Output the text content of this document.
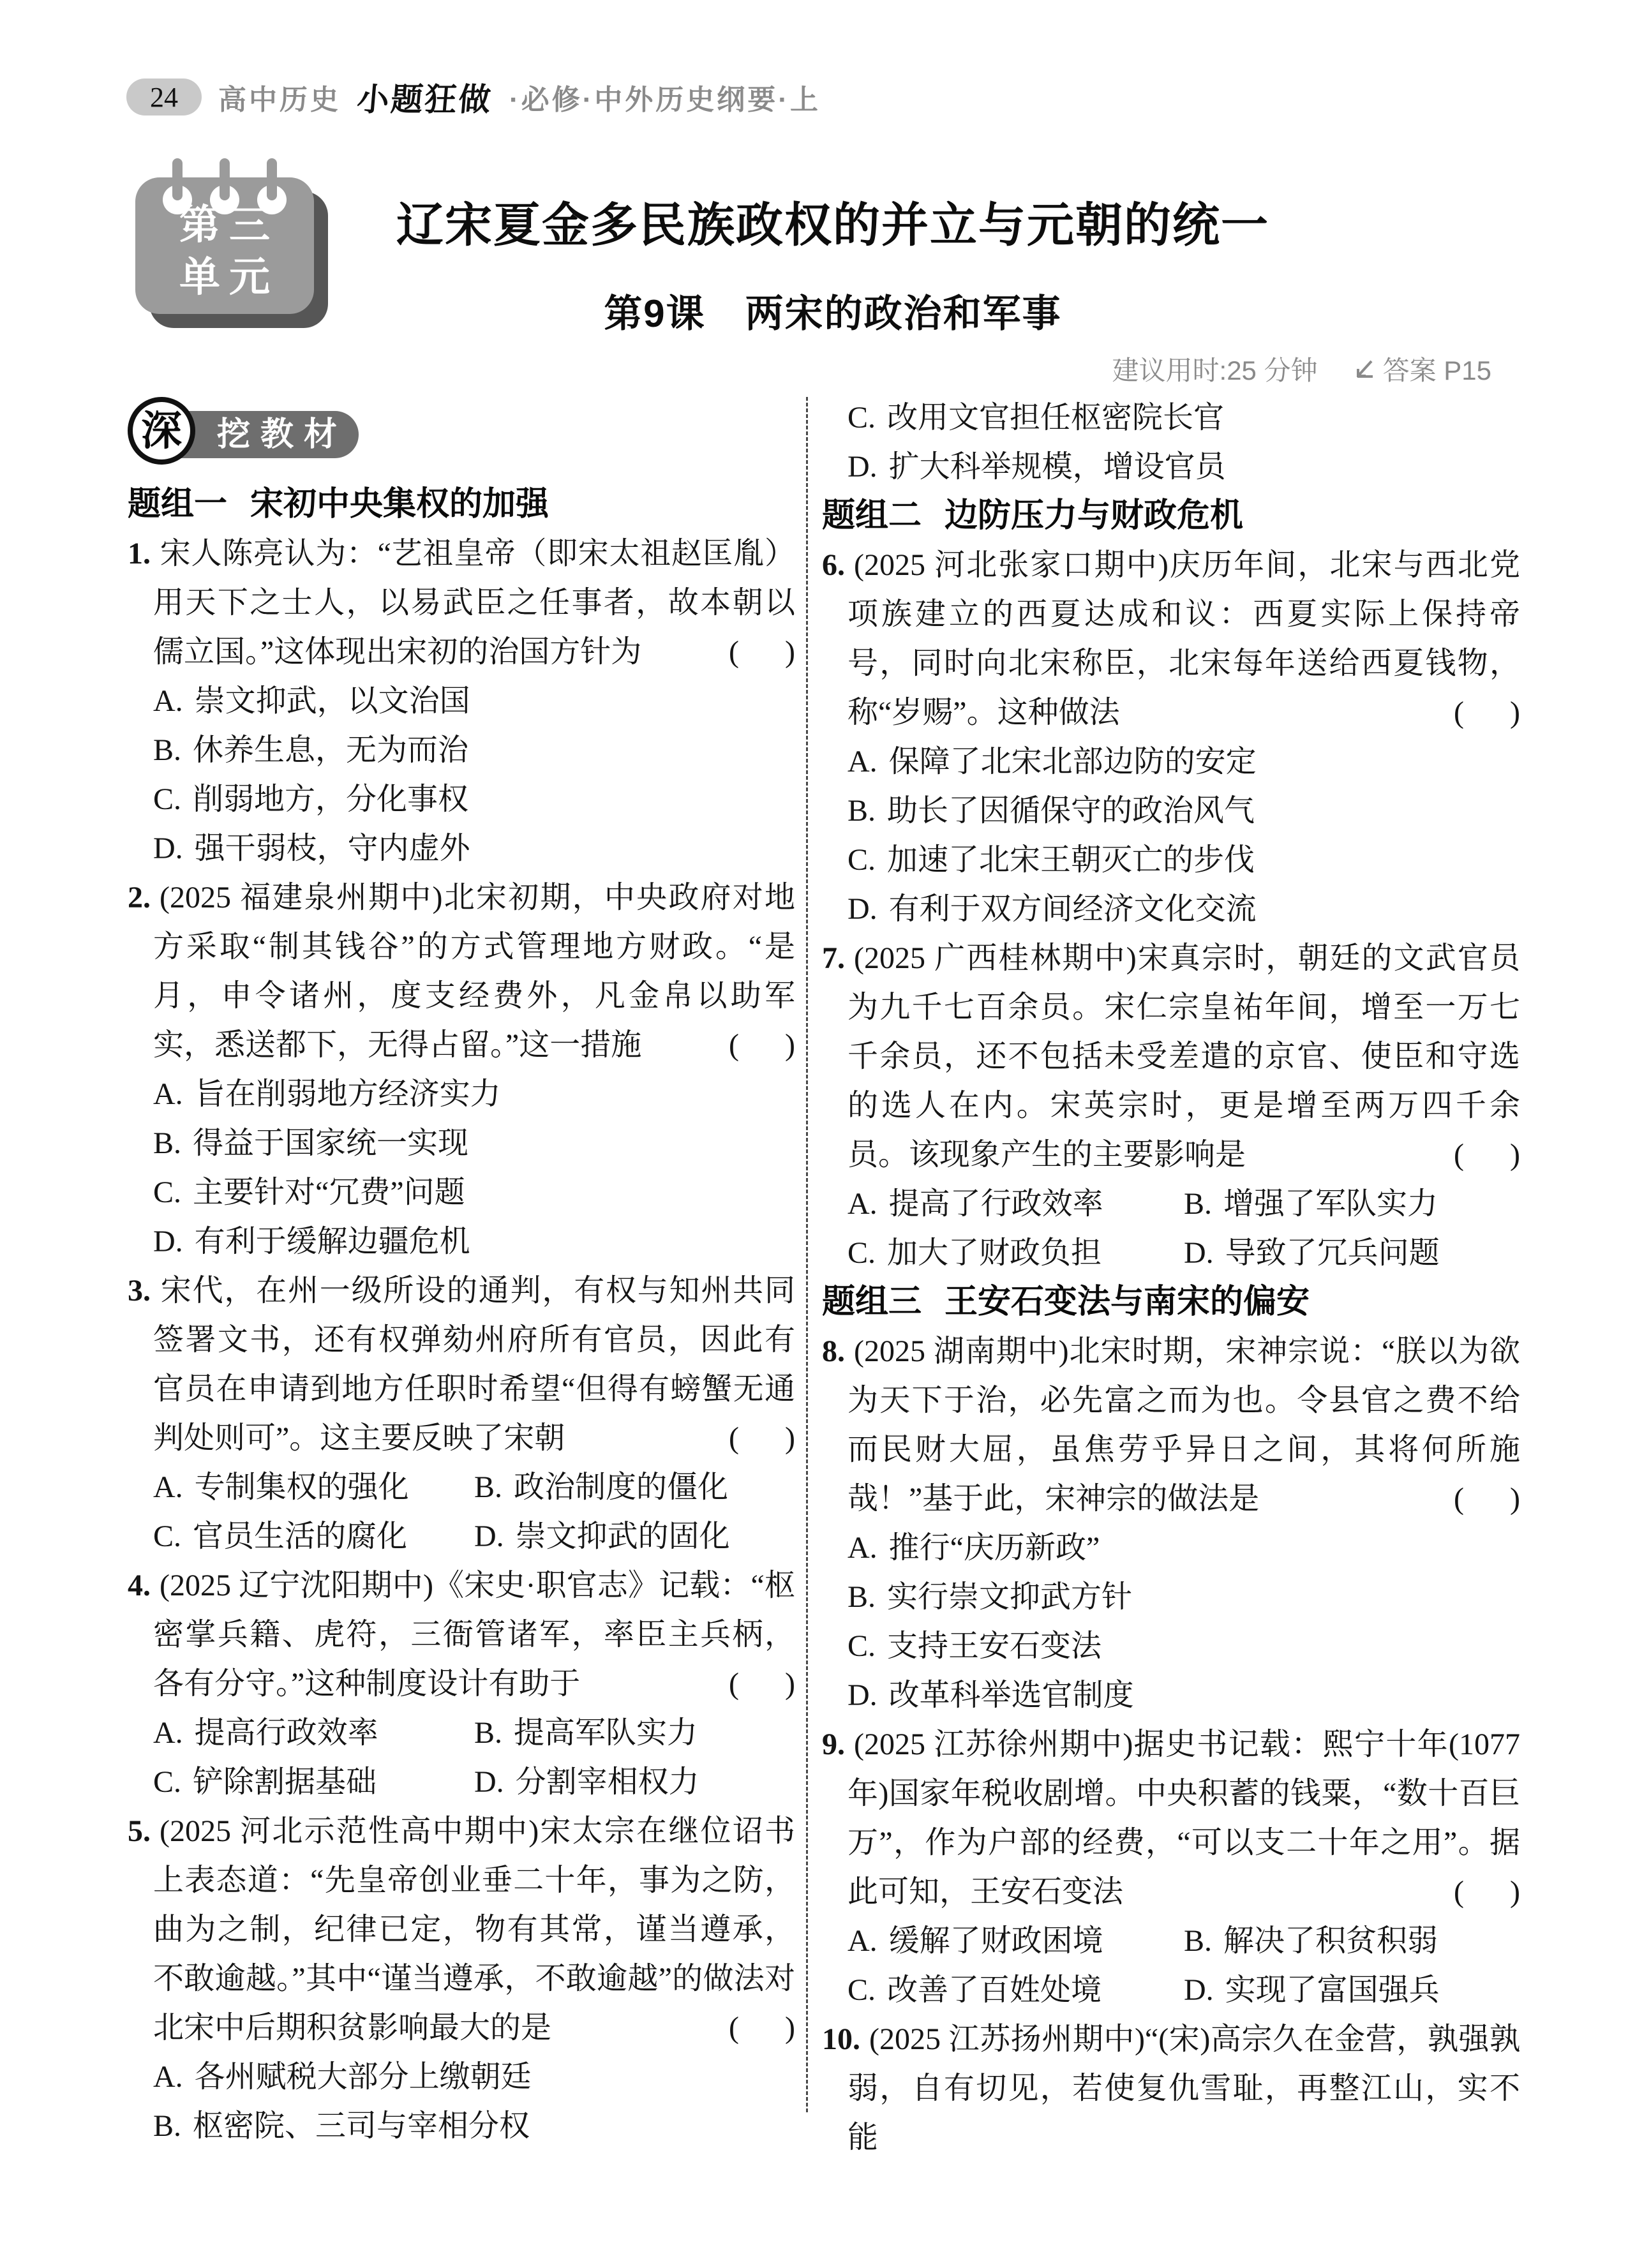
24 高中历史 小题狂做 ·必修·中外历史纲要·上
第三
单元
辽宋夏金多民族政权的并立与元朝的统一
第9课　两宋的政治和军事
建议用时:25 分钟 答案 P15
挖教材
深
题组一 宋初中央集权的加强

1. 宋人陈亮认为：“艺祖皇帝（即宋太祖赵匡胤）用天下之士人，以易武臣之任事者，故本朝以儒立国。”这体现出宋初的治国方针为	( )

A. 崇文抑武，以文治国
B. 休养生息，无为而治
C. 削弱地方，分化事权
D. 强干弱枝，守内虚外

2. (2025 福建泉州期中)北宋初期，中央政府对地方采取“制其钱谷”的方式管理地方财政。“是月，申令诸州，度支经费外，凡金帛以助军实，悉送都下，无得占留。”这一措施	( )

A. 旨在削弱地方经济实力
B. 得益于国家统一实现
C. 主要针对“冗费”问题
D. 有利于缓解边疆危机

3. 宋代，在州一级所设的通判，有权与知州共同签署文书，还有权弹劾州府所有官员，因此有官员在申请到地方任职时希望“但得有螃蟹无通判处则可”。这主要反映了宋朝	( )

A. 专制集权的强化	B. 政治制度的僵化
C. 官员生活的腐化	D. 崇文抑武的固化

4. (2025 辽宁沈阳期中)《宋史·职官志》记载：“枢密掌兵籍、虎符，三衙管诸军，率臣主兵柄，各有分守。”这种制度设计有助于	( )

A. 提高行政效率	B. 提高军队实力
C. 铲除割据基础	D. 分割宰相权力

5. (2025 河北示范性高中期中)宋太宗在继位诏书上表态道：“先皇帝创业垂二十年，事为之防，曲为之制，纪律已定，物有其常，谨当遵承，不敢逾越。”其中“谨当遵承，不敢逾越”的做法对北宋中后期积贫影响最大的是	( )

A. 各州赋税大部分上缴朝廷
B. 枢密院、三司与宰相分权
C. 改用文官担任枢密院长官
D. 扩大科举规模，增设官员
题组二 边防压力与财政危机

6. (2025 河北张家口期中)庆历年间，北宋与西北党项族建立的西夏达成和议：西夏实际上保持帝号，同时向北宋称臣，北宋每年送给西夏钱物，称“岁赐”。这种做法	( )

A. 保障了北宋北部边防的安定
B. 助长了因循保守的政治风气
C. 加速了北宋王朝灭亡的步伐
D. 有利于双方间经济文化交流

7. (2025 广西桂林期中)宋真宗时，朝廷的文武官员为九千七百余员。宋仁宗皇祐年间，增至一万七千余员，还不包括未受差遣的京官、使臣和守选的选人在内。宋英宗时，更是增至两万四千余员。该现象产生的主要影响是	( )

A. 提高了行政效率	B. 增强了军队实力
C. 加大了财政负担	D. 导致了冗兵问题
题组三 王安石变法与南宋的偏安

8. (2025 湖南期中)北宋时期，宋神宗说：“朕以为欲为天下于治，必先富之而为也。令县官之费不给而民财大屈，虽焦劳乎异日之间，其将何所施哉！”基于此，宋神宗的做法是	( )

A. 推行“庆历新政”
B. 实行崇文抑武方针
C. 支持王安石变法
D. 改革科举选官制度

9. (2025 江苏徐州期中)据史书记载：熙宁十年(1077 年)国家年税收剧增。中央积蓄的钱粟，“数十百巨万”，作为户部的经费，“可以支二十年之用”。据此可知，王安石变法	( )

A. 缓解了财政困境	B. 解决了积贫积弱
C. 改善了百姓处境	D. 实现了富国强兵

10. (2025 江苏扬州期中)“(宋)高宗久在金营，孰强孰弱，自有切见，若使复仇雪耻，再整江山，实不能
